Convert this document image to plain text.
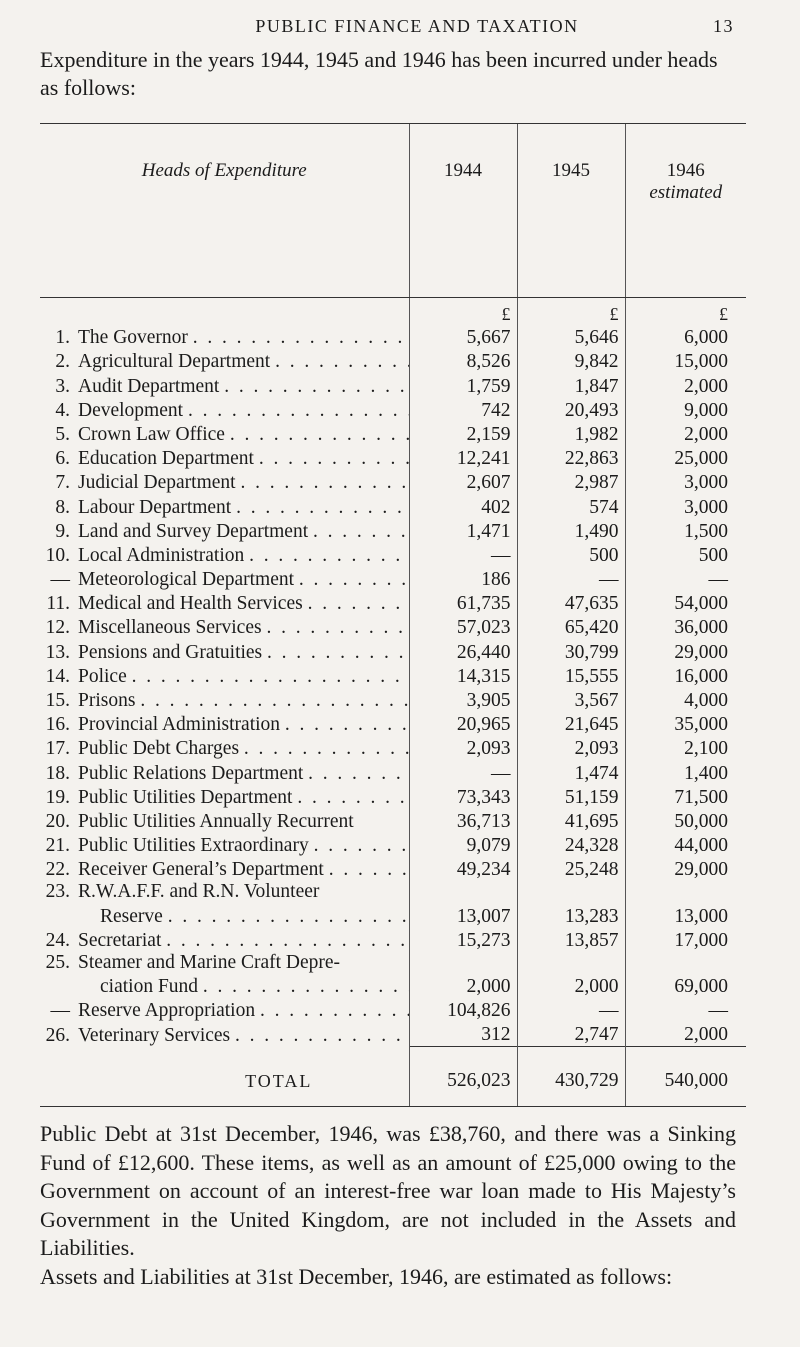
PUBLIC FINANCE AND TAXATION	13

Expenditure in the years 1944, 1945 and 1946 has been incurred under heads as follows:

Heads of Expenditure	1944	1945	1946
estimated

	£	£	£

1. The Governor . .	5,667	5,646	6,000

2. Agricultural Department . .	8,526	9,842	15,000

3. Audit Department . .	1,759	1,847	2,000

4. Development . .	742	20,493	9,000

5. Crown Law Office . .	2,159	1,982	2,000

6. Education Department . .	12,241	22,863	25,000

7. Judicial Department . .	2,607	2,987	3,000

8. Labour Department . .	402	574	3,000

9. Land and Survey Department . .	1,471	1,490	1,500

10. Local Administration . .	—	500	500

— Meteorological Department . .	186	—	—

11. Medical and Health Services . .	61,735	47,635	54,000

12. Miscellaneous Services . .	57,023	65,420	36,000

13. Pensions and Gratuities . .	26,440	30,799	29,000

14. Police . .	14,315	15,555	16,000

15. Prisons . .	3,905	3,567	4,000

16. Provincial Administration . .	20,965	21,645	35,000

17. Public Debt Charges . .	2,093	2,093	2,100

18. Public Relations Department . .	—	1,474	1,400

19. Public Utilities Department . .	73,343	51,159	71,500

20. Public Utilities Annually Recurrent	36,713	41,695	50,000

21. Public Utilities Extraordinary . .	9,079	24,328	44,000

22. Receiver General’s Department . .	49,234	25,248	29,000

23. R.W.A.F.F. and R.N. Volunteer			

Reserve . .	13,007	13,283	13,000

24. Secretariat . .	15,273	13,857	17,000

25. Steamer and Marine Craft Depre-			

ciation Fund . .	2,000	2,000	69,000

— Reserve Appropriation . .	104,826	—	—

26. Veterinary Services . .	312	2,747	2,000
TOTAL	526,023	430,729	540,000

Public Debt at 31st December, 1946, was £38,760, and there was a Sinking Fund of £12,600. These items, as well as an amount of £25,000 owing to the Government on account of an interest-free war loan made to His Majesty’s Government in the United Kingdom, are not included in the Assets and Liabilities.

Assets and Liabilities at 31st December, 1946, are estimated as follows:
